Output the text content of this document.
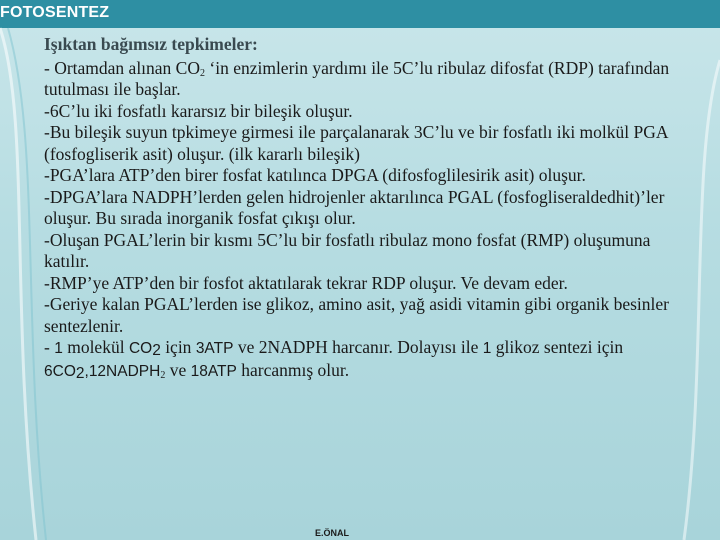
FOTOSENTEZ
Işıktan bağımsız tepkimeler:
- Ortamdan alınan $CO_2$ ‘in enzimlerin yardımı ile 5C’lu ribulaz difosfat (RDP) tarafından tutulması ile başlar.
-6C’lu iki fosfatlı kararsız bir bileşik oluşur.
-Bu bileşik suyun tpkimeye girmesi ile parçalanarak 3C’lu ve bir fosfatlı iki molkül PGA (fosfogliserik asit) oluşur. (ilk kararlı bileşik)
-PGA’lara ATP’den birer fosfat katılınca DPGA (difosfoglilesirik asit) oluşur.
-DPGA’lara NADPH’lerden gelen hidrojenler aktarılınca PGAL (fosfogliseraldedhit)’ler oluşur. Bu sırada inorganik fosfat çıkışı olur.
-Oluşan PGAL’lerin bir kısmı 5C’lu bir fosfatlı ribulaz mono fosfat (RMP) oluşumuna katılır.
-RMP’ye ATP’den bir fosfot aktatılarak tekrar RDP oluşur. Ve devam eder.
-Geriye kalan PGAL’lerden ise glikoz, amino asit, yağ asidi vitamin gibi organik besinler sentezlenir.
- 1 molekül $CO_2$ için 3ATP ve 2NADPH harcanır. Dolayısı ile 1 glikoz sentezi için $6CO_2,12NADPH_2$ ve 18ATP harcanmış olur.
E.ÖNAL
